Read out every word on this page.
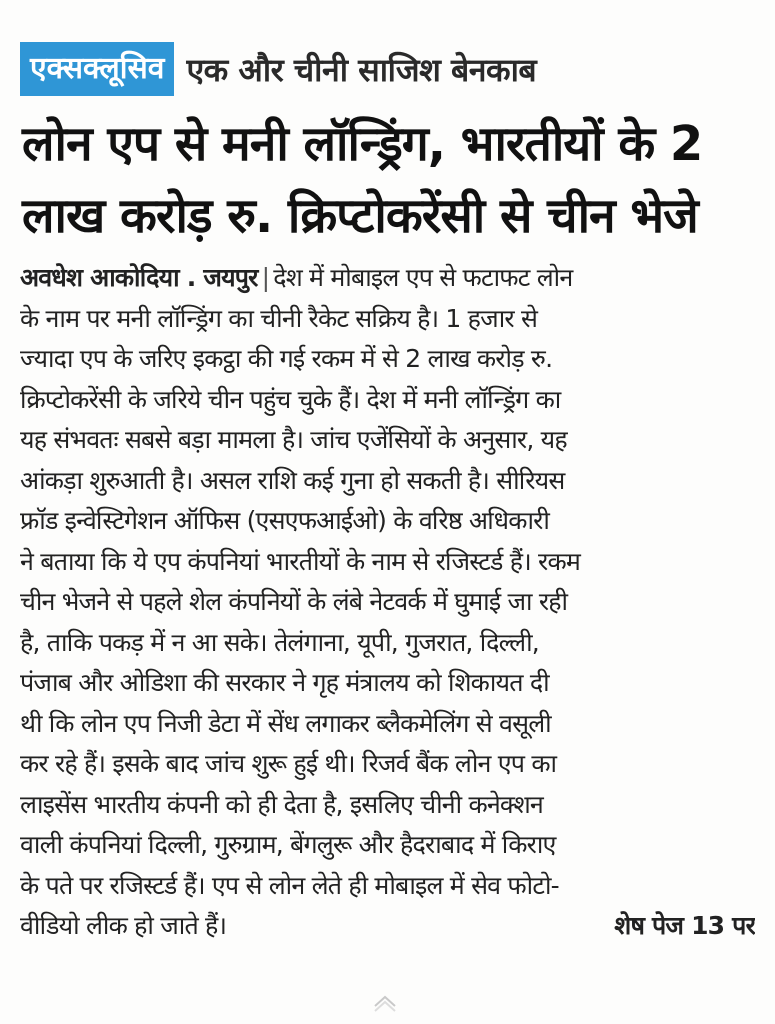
एक्सक्लूसिव एक और चीनी साजिश बेनकाब
लोन एप से मनी लॉन्ड्रिंग, भारतीयों के 2
लाख करोड़ रु. क्रिप्टोकरेंसी से चीन भेजे
अवधेश आकोदिया . जयपुर | देश में मोबाइल एप से फटाफट लोन
के नाम पर मनी लॉन्ड्रिंग का चीनी रैकेट सक्रिय है। 1 हजार से
ज्यादा एप के जरिए इकट्ठा की गई रकम में से 2 लाख करोड़ रु.
क्रिप्टोकरेंसी के जरिये चीन पहुंच चुके हैं। देश में मनी लॉन्ड्रिंग का
यह संभवतः सबसे बड़ा मामला है। जांच एजेंसियों के अनुसार, यह
आंकड़ा शुरुआती है। असल राशि कई गुना हो सकती है। सीरियस
फ्रॉड इन्वेस्टिगेशन ऑफिस (एसएफआईओ) के वरिष्ठ अधिकारी
ने बताया कि ये एप कंपनियां भारतीयों के नाम से रजिस्टर्ड हैं। रकम
चीन भेजने से पहले शेल कंपनियों के लंबे नेटवर्क में घुमाई जा रही
है, ताकि पकड़ में न आ सके। तेलंगाना, यूपी, गुजरात, दिल्ली,
पंजाब और ओडिशा की सरकार ने गृह मंत्रालय को शिकायत दी
थी कि लोन एप निजी डेटा में सेंध लगाकर ब्लैकमेलिंग से वसूली
कर रहे हैं। इसके बाद जांच शुरू हुई थी। रिजर्व बैंक लोन एप का
लाइसेंस भारतीय कंपनी को ही देता है, इसलिए चीनी कनेक्शन
वाली कंपनियां दिल्ली, गुरुग्राम, बेंगलुरू और हैदराबाद में किराए
के पते पर रजिस्टर्ड हैं। एप से लोन लेते ही मोबाइल में सेव फोटो-
वीडियो लीक हो जाते हैं।	शेष पेज 13 पर
